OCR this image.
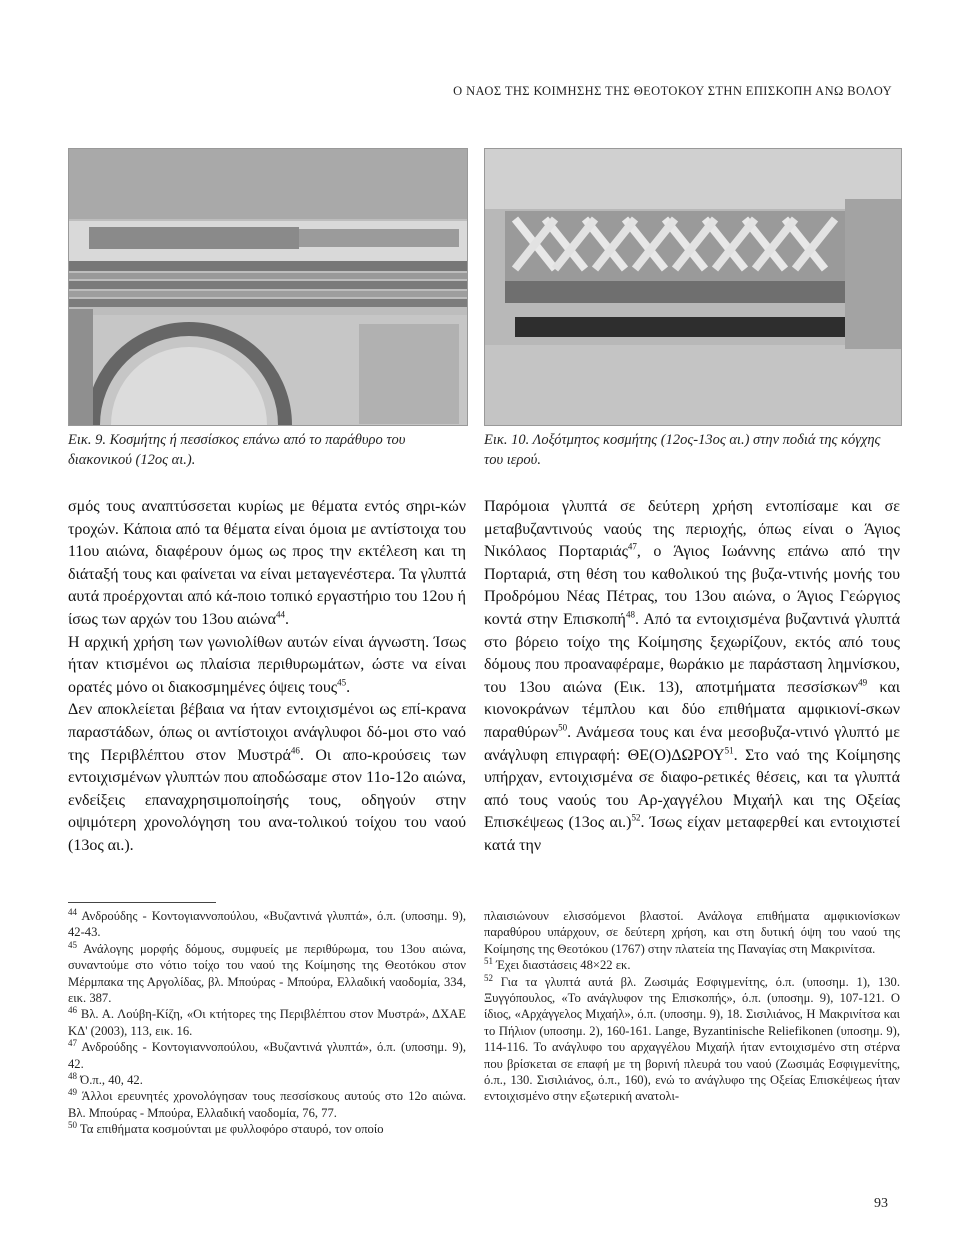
Ο ΝΑΟΣ ΤΗΣ ΚΟΙΜΗΣΗΣ ΤΗΣ ΘΕΟΤΟΚΟΥ ΣΤΗΝ ΕΠΙΣΚΟΠΗ ΑΝΩ ΒΟΛΟΥ
Εικ. 9. Κοσμήτης ή πεσσίσκος επάνω από το παράθυρο του διακονικού (12ος αι.).
Εικ. 10. Λοξότμητος κοσμήτης (12ος-13ος αι.) στην ποδιά της κόγχης του ιερού.

σμός τους αναπτύσσεται κυρίως με θέματα εντός σηρι-κών τροχών. Κάποια από τα θέματα είναι όμοια με αντίστοιχα του 11ου αιώνα, διαφέρουν όμως ως προς την εκτέλεση και τη διάταξή τους και φαίνεται να είναι μεταγενέστερα. Τα γλυπτά αυτά προέρχονται από κά-ποιο τοπικό εργαστήριο του 12ου ή ίσως των αρχών του 13ου αιώνα$^{44}$.

Η αρχική χρήση των γωνιολίθων αυτών είναι άγνωστη. Ίσως ήταν κτισμένοι ως πλαίσια περιθυρωμάτων, ώστε να είναι ορατές μόνο οι διακοσμημένες όψεις τους$^{45}$.

Δεν αποκλείεται βέβαια να ήταν εντοιχισμένοι ως επί-κρανα παραστάδων, όπως οι αντίστοιχοι ανάγλυφοι δό-μοι στο ναό της Περιβλέπτου στον Μυστρά$^{46}$. Οι απο-κρούσεις των εντοιχισμένων γλυπτών που αποδώσαμε στον 11ο-12ο αιώνα, ενδείξεις επαναχρησιμοποίησής τους, οδηγούν στην οψιμότερη χρονολόγηση του ανα-τολικού τοίχου του ναού (13ος αι.).

Παρόμοια γλυπτά σε δεύτερη χρήση εντοπίσαμε και σε μεταβυζαντινούς ναούς της περιοχής, όπως είναι ο Άγιος Νικόλαος Πορταριάς$^{47}$, ο Άγιος Ιωάννης επάνω από την Πορταριά, στη θέση του καθολικού της βυζα-ντινής μονής του Προδρόμου Νέας Πέτρας, του 13ου αιώνα, ο Άγιος Γεώργιος κοντά στην Επισκοπή$^{48}$. Από τα εντοιχισμένα βυζαντινά γλυπτά στο βόρειο τοίχο της Κοίμησης ξεχωρίζουν, εκτός από τους δόμους που προαναφέραμε, θωράκιο με παράσταση λημνίσκου, του 13ου αιώνα (Εικ. 13), αποτμήματα πεσσίσκων$^{49}$ και κιονοκράνων τέμπλου και δύο επιθήματα αμφικιονί-σκων παραθύρων$^{50}$. Ανάμεσα τους και ένα μεσοβυζα-ντινό γλυπτό με ανάγλυφη επιγραφή: ΘΕ(Ο)ΔΩΡΟΥ$^{51}$. Στο ναό της Κοίμησης υπήρχαν, εντοιχισμένα σε διαφο-ρετικές θέσεις, και τα γλυπτά από τους ναούς του Αρ-χαγγέλου Μιχαήλ και της Οξείας Επισκέψεως (13ος αι.)$^{52}$. Ίσως είχαν μεταφερθεί και εντοιχιστεί κατά την

$^{44}$ Ανδρούδης - Κοντογιαννοπούλου, «Βυζαντινά γλυπτά», ό.π. (υποσημ. 9), 42-43.

$^{45}$ Ανάλογης μορφής δόμους, συμφυείς με περιθύρωμα, του 13ου αιώνα, συναντούμε στο νότιο τοίχο του ναού της Κοίμησης της Θεοτόκου στον Μέρμπακα της Αργολίδας, βλ. Μπούρας - Μπούρα, Ελλαδική ναοδομία, 334, εικ. 387.

$^{46}$ Βλ. Α. Λούβη-Κίζη, «Οι κτήτορες της Περιβλέπτου στον Μυστρά», ΔΧΑΕ ΚΔ' (2003), 113, εικ. 16.

$^{47}$ Ανδρούδης - Κοντογιαννοπούλου, «Βυζαντινά γλυπτά», ό.π. (υποσημ. 9), 42.

$^{48}$ Ό.π., 40, 42.

$^{49}$ Άλλοι ερευνητές χρονολόγησαν τους πεσσίσκους αυτούς στο 12ο αιώνα. Βλ. Μπούρας - Μπούρα, Ελλαδική ναοδομία, 76, 77.

$^{50}$ Τα επιθήματα κοσμούνται με φυλλοφόρο σταυρό, τον οποίο

πλαισιώνουν ελισσόμενοι βλαστοί. Ανάλογα επιθήματα αμφικιονίσκων παραθύρου υπάρχουν, σε δεύτερη χρήση, και στη δυτική όψη του ναού της Κοίμησης της Θεοτόκου (1767) στην πλατεία της Παναγίας στη Μακρινίτσα.

$^{51}$ Έχει διαστάσεις 48×22 εκ.

$^{52}$ Για τα γλυπτά αυτά βλ. Ζωσιμάς Εσφιγμενίτης, ό.π. (υποσημ. 1), 130. Ξυγγόπουλος, «Το ανάγλυφον της Επισκοπής», ό.π. (υποσημ. 9), 107-121. Ο ίδιος, «Αρχάγγελος Μιχαήλ», ό.π. (υποσημ. 9), 18. Σισιλιάνος, Η Μακρινίτσα και το Πήλιον (υποσημ. 2), 160-161. Lange, Byzantinische Reliefikonen (υποσημ. 9), 114-116. Το ανάγλυφο του αρχαγγέλου Μιχαήλ ήταν εντοιχισμένο στη στέρνα που βρίσκεται σε επαφή με τη βορινή πλευρά του ναού (Ζωσιμάς Εσφιγμενίτης, ό.π., 130. Σισιλιάνος, ό.π., 160), ενώ το ανάγλυφο της Οξείας Επισκέψεως ήταν εντοιχισμένο στην εξωτερική ανατολι-

93
